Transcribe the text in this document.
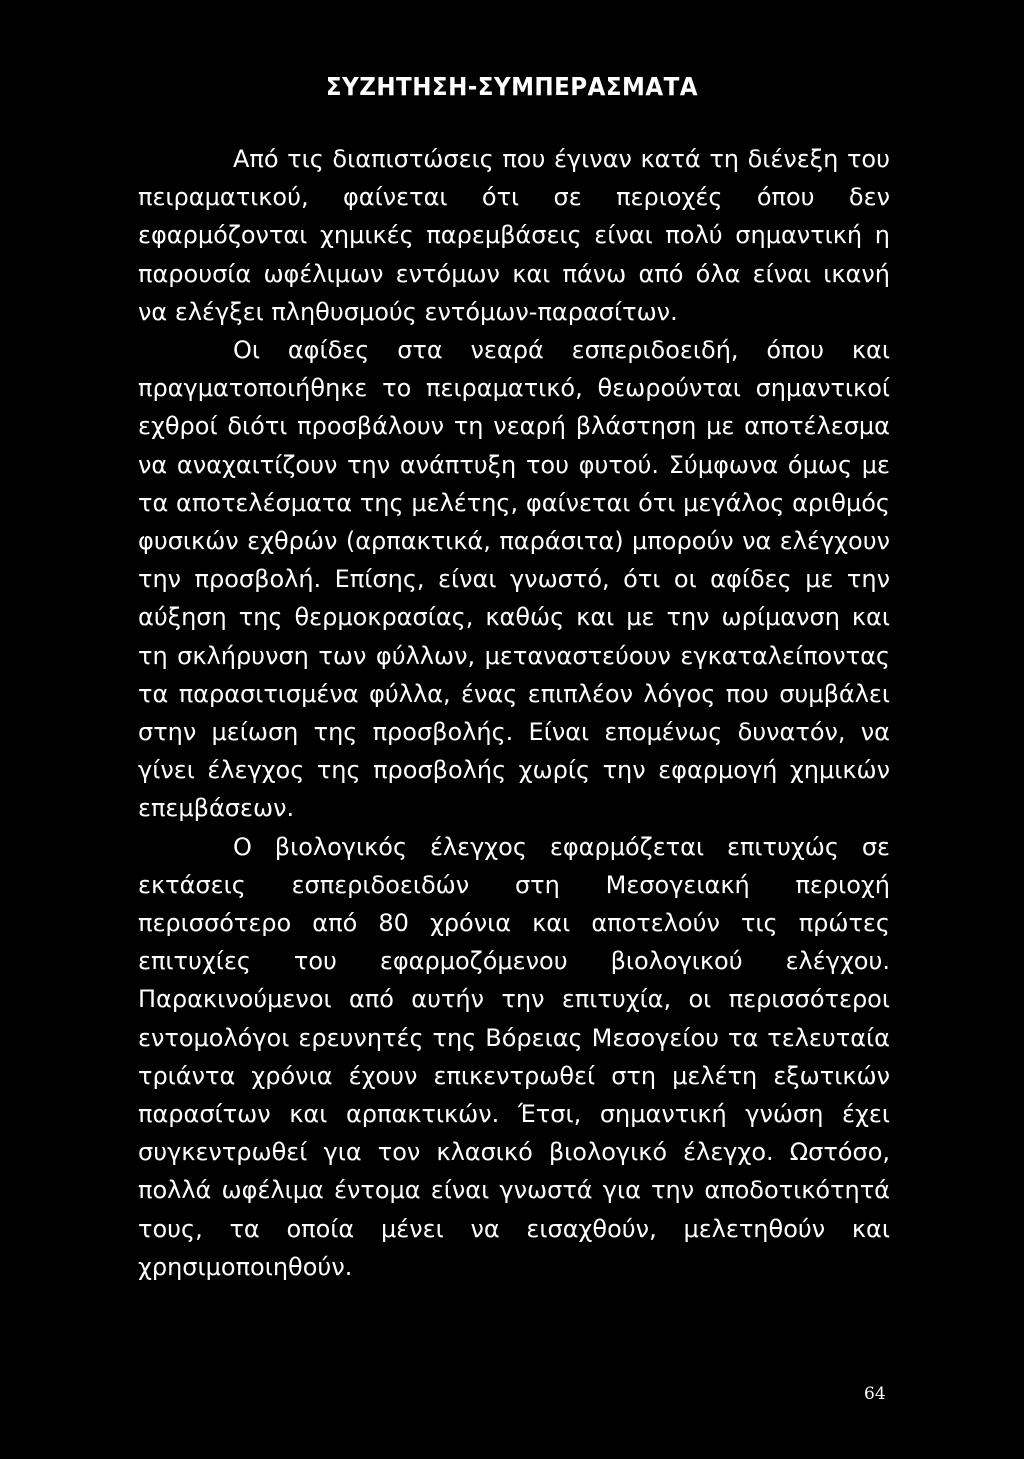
ΣΥΖΗΤΗΣΗ-ΣΥΜΠΕΡΑΣΜΑΤΑ

Από τις διαπιστώσεις που έγιναν κατά τη διένεξη του πειραματικού, φαίνεται ότι σε περιοχές όπου δεν εφαρμόζονται χημικές παρεμβάσεις είναι πολύ σημαντική η παρουσία ωφέλιμων εντόμων και πάνω από όλα είναι ικανή να ελέγξει πληθυσμούς εντόμων-παρασίτων.

Οι αφίδες στα νεαρά εσπεριδοειδή, όπου και πραγματοποιήθηκε το πειραματικό, θεωρούνται σημαντικοί εχθροί διότι προσβάλουν τη νεαρή βλάστηση με αποτέλεσμα να αναχαιτίζουν την ανάπτυξη του φυτού. Σύμφωνα όμως με τα αποτελέσματα της μελέτης, φαίνεται ότι μεγάλος αριθμός φυσικών εχθρών (αρπακτικά, παράσιτα) μπορούν να ελέγχουν την προσβολή. Επίσης, είναι γνωστό, ότι οι αφίδες με την αύξηση της θερμοκρασίας, καθώς και με την ωρίμανση και τη σκλήρυνση των φύλλων, μεταναστεύουν εγκαταλείποντας τα παρασιτισμένα φύλλα, ένας επιπλέον λόγος που συμβάλει στην μείωση της προσβολής. Είναι επομένως δυνατόν, να γίνει έλεγχος της προσβολής χωρίς την εφαρμογή χημικών επεμβάσεων.

Ο βιολογικός έλεγχος εφαρμόζεται επιτυχώς σε εκτάσεις εσπεριδοειδών στη Μεσογειακή περιοχή περισσότερο από 80 χρόνια και αποτελούν τις πρώτες επιτυχίες του εφαρμοζόμενου βιολογικού ελέγχου. Παρακινούμενοι από αυτήν την επιτυχία, οι περισσότεροι εντομολόγοι ερευνητές της Βόρειας Μεσογείου τα τελευταία τριάντα χρόνια έχουν επικεντρωθεί στη μελέτη εξωτικών παρασίτων και αρπακτικών. Έτσι, σημαντική γνώση έχει συγκεντρωθεί για τον κλασικό βιολογικό έλεγχο. Ωστόσο, πολλά ωφέλιμα έντομα είναι γνωστά για την αποδοτικότητά τους, τα οποία μένει να εισαχθούν, μελετηθούν και χρησιμοποιηθούν.

64
